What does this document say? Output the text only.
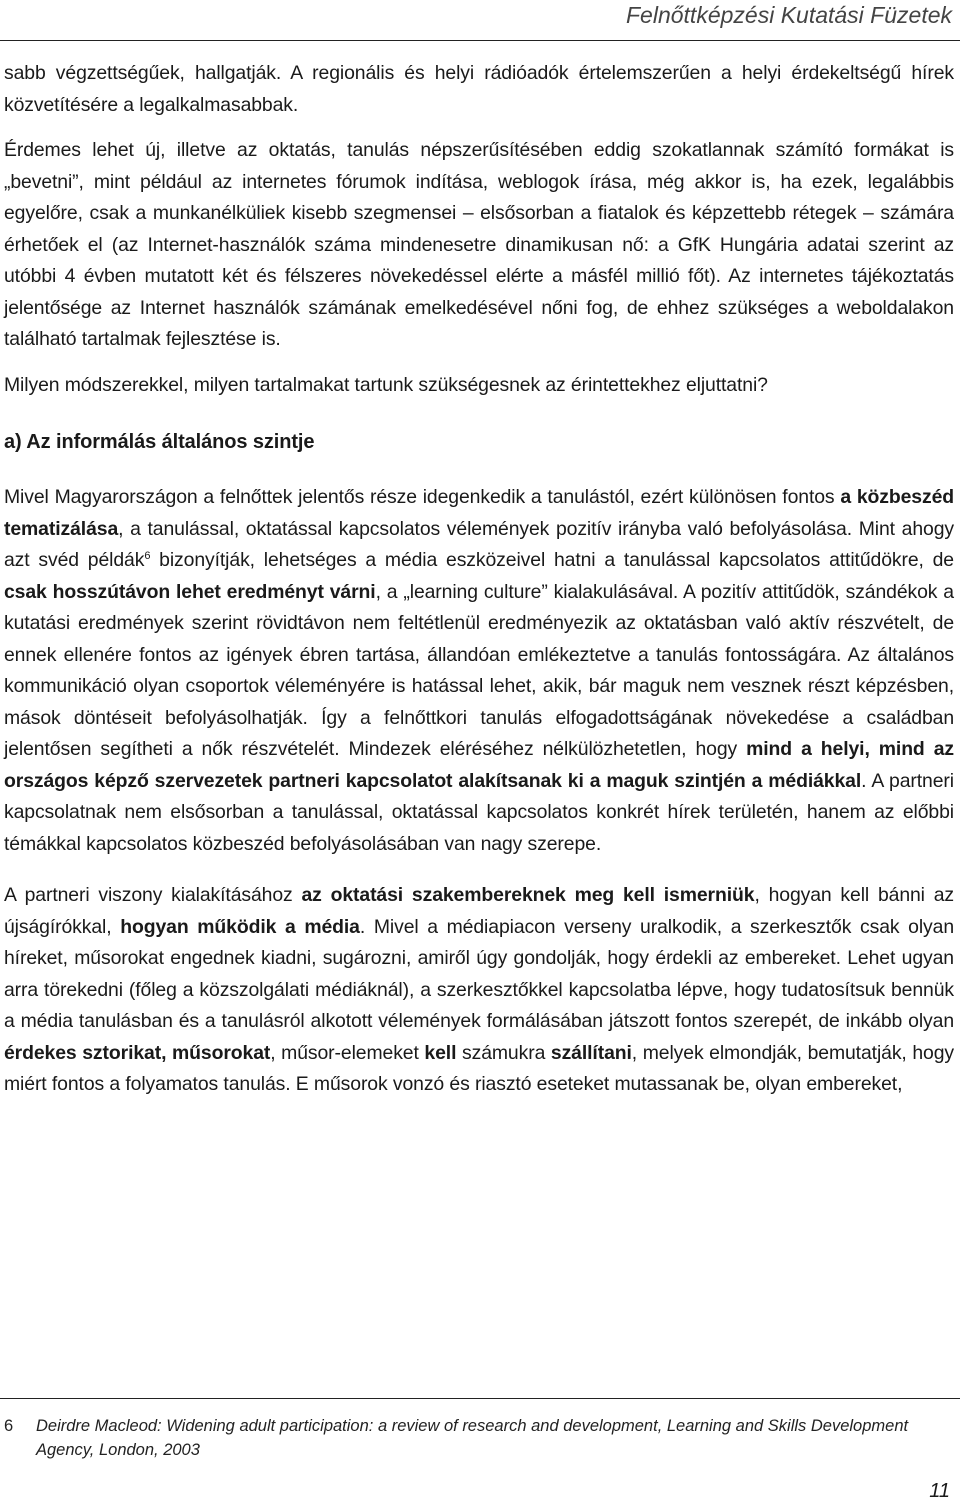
Felnőttképzési Kutatási Füzetek

sabb végzettségűek, hallgatják. A regionális és helyi rádióadók értelemszerűen a helyi érdekeltségű hírek közvetítésére a legalkalmasabbak.

Érdemes lehet új, illetve az oktatás, tanulás népszerűsítésében eddig szokatlannak számító formákat is „bevetni”, mint például az internetes fórumok indítása, weblogok írása, még akkor is, ha ezek, legalábbis egyelőre, csak a munkanélküliek kisebb szegmensei – elsősorban a fiatalok és képzettebb rétegek – számára érhetőek el (az Internet-használók száma mindenesetre dinamikusan nő: a GfK Hungária adatai szerint az utóbbi 4 évben mutatott két és félszeres növekedéssel elérte a másfél millió főt). Az internetes tájékoztatás jelentősége az Internet használók számának emelkedésével nőni fog, de ehhez szükséges a weboldalakon található tartalmak fejlesztése is.

Milyen módszerekkel, milyen tartalmakat tartunk szükségesnek az érintettekhez eljuttatni?

a) Az informálás általános szintje

Mivel Magyarországon a felnőttek jelentős része idegenkedik a tanulástól, ezért különösen fontos a közbeszéd tematizálása, a tanulással, oktatással kapcsolatos vélemények pozitív irányba való befolyásolása. Mint ahogy azt svéd példák$^6$ bizonyítják, lehetséges a média eszközeivel hatni a tanulással kapcsolatos attitűdökre, de csak hosszútávon lehet eredményt várni, a „learning culture” kialakulásával. A pozitív attitűdök, szándékok a kutatási eredmények szerint rövidtávon nem feltétlenül eredményezik az oktatásban való aktív részvételt, de ennek ellenére fontos az igények ébren tartása, állandóan emlékeztetve a tanulás fontosságára. Az általános kommunikáció olyan csoportok véleményére is hatással lehet, akik, bár maguk nem vesznek részt képzésben, mások döntéseit befolyásolhatják. Így a felnőttkori tanulás elfogadottságának növekedése a családban jelentősen segítheti a nők részvételét. Mindezek eléréséhez nélkülözhetetlen, hogy mind a helyi, mind az országos képző szervezetek partneri kapcsolatot alakítsanak ki a maguk szintjén a médiákkal. A partneri kapcsolatnak nem elsősorban a tanulással, oktatással kapcsolatos konkrét hírek területén, hanem az előbbi témákkal kapcsolatos közbeszéd befolyásolásában van nagy szerepe.

A partneri viszony kialakításához az oktatási szakembereknek meg kell ismerniük, hogyan kell bánni az újságírókkal, hogyan működik a média. Mivel a médiapiacon verseny uralkodik, a szerkesztők csak olyan híreket, műsorokat engednek kiadni, sugározni, amiről úgy gondolják, hogy érdekli az embereket. Lehet ugyan arra törekedni (főleg a közszolgálati médiáknál), a szerkesztőkkel kapcsolatba lépve, hogy tudatosítsuk bennük a média tanulásban és a tanulásról alkotott vélemények formálásában játszott fontos szerepét, de inkább olyan érdekes sztorikat, műsorokat, műsor-elemeket kell számukra szállítani, melyek elmondják, bemutatják, hogy miért fontos a folyamatos tanulás. E műsorok vonzó és riasztó eseteket mutassanak be, olyan embereket,

6 Deirdre Macleod: Widening adult participation: a review of research and development, Learning and Skills Development Agency, London, 2003
11
